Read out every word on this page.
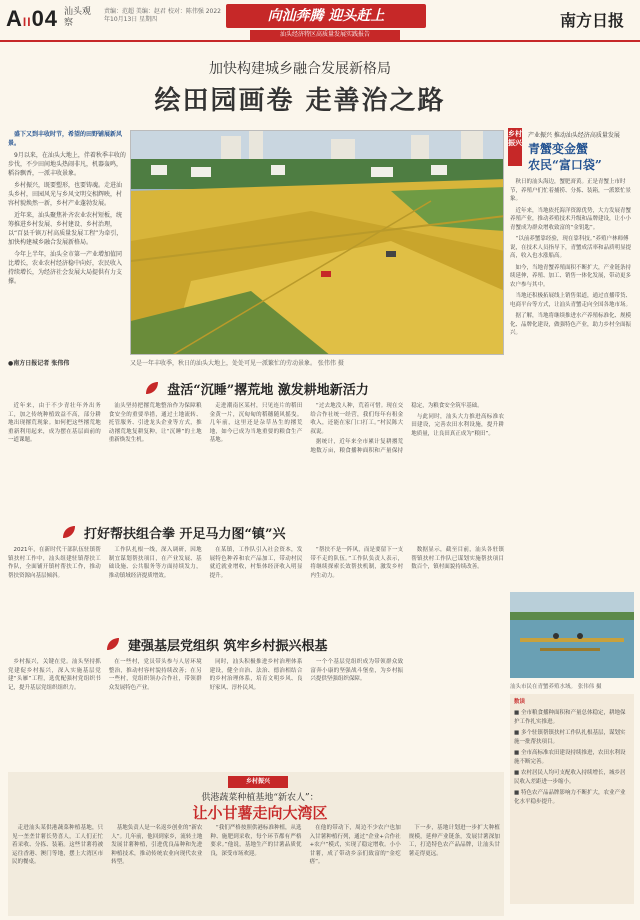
AII04 汕头观察
责编：范超 美编：赵君 校对：陈伟强 2022年10月13日 星期四	向汕奔腾 迎头赶上
汕头经济特区高质量发展实践报告
南方日报
加快构建城乡融合发展新格局
绘田园画卷 走善治之路

盛下又到丰收时节，希望的田野铺展新风景。

9月以来，在汕头大地上，伴着秋季丰收的步伐，不少田间地头热闹非凡，机器轰鸣，稻谷飘香，一派丰收景象。

乡村振兴，既要塑形，也要铸魂。走进汕头乡村，田园风光与乡风文明交相辉映，村容村貌焕然一新，乡村产业蓬勃发展。

近年来，汕头聚焦补齐农业农村短板，统筹推进乡村发展、乡村建设、乡村治理，以“百县千镇万村高质量发展工程”为牵引，加快构建城乡融合发展新格局。

今年上半年，汕头全市第一产业增加值同比增长，农业农村经济稳中向好，农民收入持续增长，为经济社会发展大局提供有力支撑。

●南方日报记者 张伟伟	又是一年丰收季，秋日的汕头大地上，处处可见一派繁忙的劳动景象。 张伟伟 摄
盘活“沉睡”撂荒地 激发耕地新活力

近年来，由于不少青壮年外出务工，加之传统种植效益不高，部分耕地出现撂荒现象。如何把这些撂荒地重新利用起来，成为摆在基层面前的一道课题。

汕头坚持把撂荒地整治作为保障粮食安全的重要举措，通过土地流转、托管服务、引进龙头企业等方式，推动撂荒地复耕复种，让“沉睡”的土地重新焕发生机。

走进潮南区某村，只见连片的稻田金黄一片，沉甸甸的稻穗随风摇曳。几年前，这里还是杂草丛生的撂荒地，如今已成为当地重要的粮食生产基地。

“过去地没人种，荒着可惜。现在交给合作社统一经营，我们每年有租金收入，还能在家门口打工。”村民陈大叔说。

据统计，近年来全市累计复耕撂荒地数万亩，粮食播种面积和产量保持稳定，为粮食安全筑牢基础。

与此同时，汕头大力推进高标准农田建设，完善农田水利设施，提升耕地质量，让良田真正成为“粮田”。

打好帮扶组合拳 开足马力图“镇”兴

2021年，在新时代干部队伍驻镇帮镇扶村工作中，汕头组建驻镇帮扶工作队，全面铺开镇村帮扶工作，推动帮扶资源向基层倾斜。

工作队扎根一线，深入调研，因地制宜谋划帮扶项目，在产业发展、基础设施、公共服务等方面持续发力，推动镇域经济提质增效。

在某镇，工作队引入社会资本，发展特色种养和农产品加工，带动村民就近就业增收，村集体经济收入明显提升。

“帮扶不是一阵风，而是要留下一支带不走的队伍。”工作队负责人表示，将继续探索长效帮扶机制，激发乡村内生动力。

数据显示，截至目前，汕头各驻镇帮镇扶村工作队已谋划实施帮扶项目数百个，镇村面貌持续改善。

建强基层党组织 筑牢乡村振兴根基

乡村振兴，关键在党。汕头坚持抓党建促乡村振兴，深入实施基层党建“头雁”工程，选优配强村党组织书记，提升基层党组织组织力。

在一些村，党员带头参与人居环境整治，推动村容村貌持续改善；在另一些村，党组织领办合作社，带领群众发展特色产业。

同时，汕头积极推进乡村治理体系建设，健全自治、法治、德治相结合的乡村治理体系，培育文明乡风、良好家风、淳朴民风。

一个个基层党组织成为带领群众致富奔小康的坚强战斗堡垒，为乡村振兴提供坚强组织保障。

乡村振兴
产业振兴 推动汕头经济高质量发展
青蟹变金蟹
农民“富口袋”

秋日的汕头海边，蟹肥膏黄。正是青蟹上市时节，养殖户们忙着捕捞、分拣、装箱，一派繁忙景象。

近年来，当地依托海洋资源优势，大力发展青蟹养殖产业，推动养殖技术升级和品牌建设，让小小青蟹成为群众增收致富的“金钥匙”。

“以前养蟹靠经验，现在靠科技。”养殖户林师傅说，在技术人员指导下，青蟹成活率和品质明显提高，收入也水涨船高。

如今，当地青蟹养殖面积不断扩大，产业链条持续延伸，养殖、加工、销售一体化发展，带动更多农户参与其中。

当地还积极拓展线上销售渠道，通过直播带货、电商平台等方式，让汕头青蟹走向全国各地市场。

据了解，当地将继续推进水产养殖标准化、规模化、品牌化建设，做强特色产业，助力乡村全面振兴。

汕头市民在青蟹养殖水域。 张伟伟 摄
数读

■ 全市粮食播种面积和产量总体稳定，耕地保护工作扎实推进。

■ 多个驻镇帮镇扶村工作队扎根基层，谋划实施一批帮扶项目。

■ 全市高标准农田建设持续推进，农田水利设施不断完善。

■ 农村居民人均可支配收入持续增长，城乡居民收入差距进一步缩小。

■ 特色农产品品牌影响力不断扩大，农业产业化水平稳步提升。

乡村振兴
供港蔬菜种植基地“新农人”：
让小甘薯走向大湾区

走进汕头某供港蔬菜种植基地，只见一垄垄甘薯长势喜人，工人们正忙着采收、分拣、装箱。这些甘薯将被运往香港、澳门等地，摆上大湾区市民的餐桌。

基地负责人是一名返乡创业的“新农人”。几年前，他回到家乡，流转土地发展甘薯种植，引进优良品种和先进种植技术，推动传统农业向现代农业转型。

“我们严格按照供港标准种植，从选种、施肥到采收，每个环节都有严格要求。”他说，基地生产的甘薯品质优良，深受市场欢迎。

在他的带动下，周边不少农户也加入甘薯种植行列，通过“企业+合作社+农户”模式，实现了稳定增收。小小甘薯，成了带动乡亲们致富的“金疙瘩”。

下一步，基地计划进一步扩大种植规模，延伸产业链条，发展甘薯深加工，打造特色农产品品牌，让汕头甘薯走得更远。
